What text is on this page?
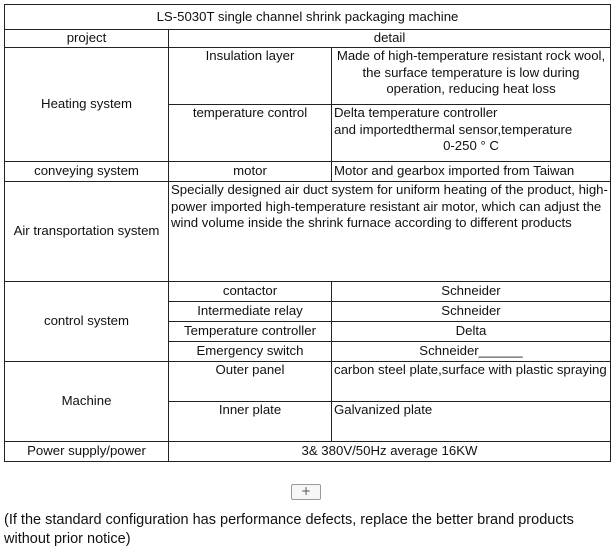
LS-5030T single channel shrink packaging machine		
project	detail	
Heating system	Insulation layer	Made of high-temperature resistant rock wool, the surface temperature is low during operation, reducing heat loss
	temperature control	Delta temperature controller
and importedthermal sensor,temperature
0-250 ° C

conveying system	motor	Motor and gearbox imported from Taiwan
Air transportation system	Specially designed air duct system for uniform heating of the product, high-power imported high-temperature resistant air motor, which can adjust the wind volume inside the shrink furnace according to different products	
control system	contactor	Schneider
	Intermediate relay	Schneider
	Temperature controller	Delta
	Emergency switch	Schneider______
Machine	Outer panel	carbon steel plate,surface with plastic spraying
	Inner plate	Galvanized plate
Power supply/power	3& 380V/50Hz average 16KW	
+
(If the standard configuration has performance defects, replace the better brand products without prior notice)
